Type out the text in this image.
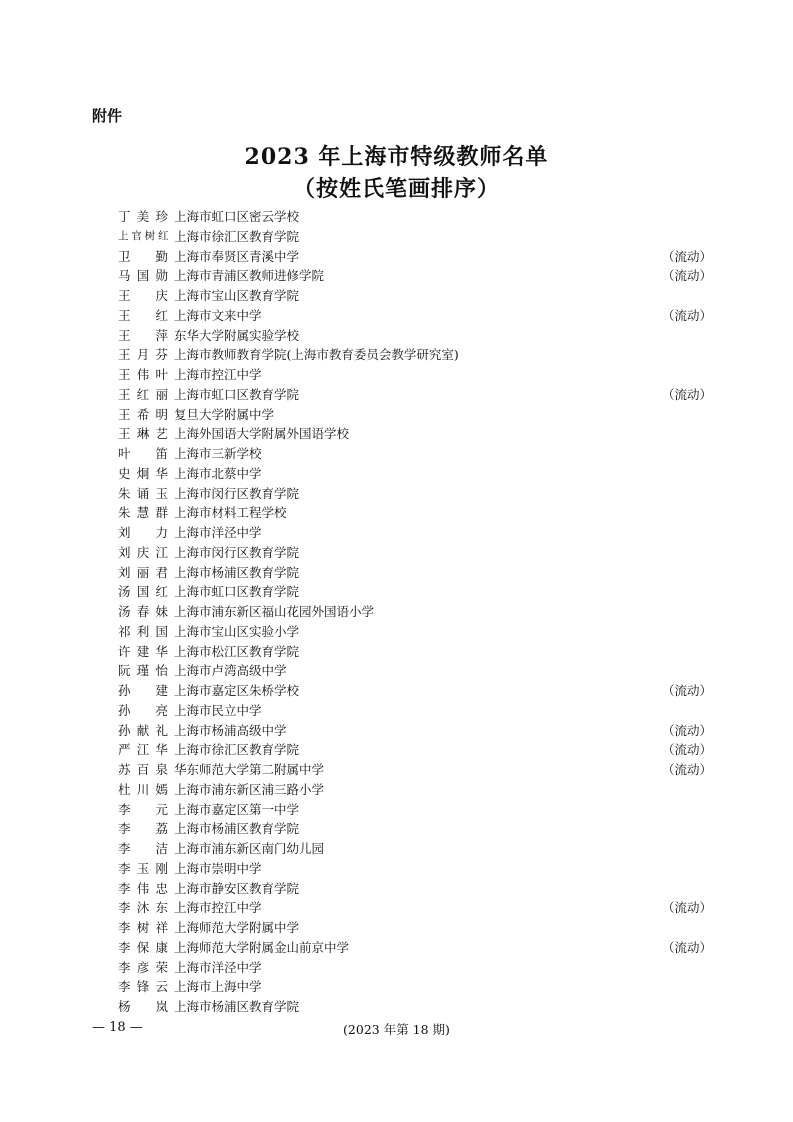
附件
2023 年上海市特级教师名单
（按姓氏笔画排序）
丁美珍 上海市虹口区密云学校
上官树红 上海市徐汇区教育学院
卫　勤 上海市奉贤区青溪中学	（流动）
马国勋 上海市青浦区教师进修学院	（流动）
王　庆 上海市宝山区教育学院
王　红 上海市文来中学	（流动）
王　萍 东华大学附属实验学校
王月芬 上海市教师教育学院(上海市教育委员会教学研究室)
王伟叶 上海市控江中学
王红丽 上海市虹口区教育学院	（流动）
王希明 复旦大学附属中学
王琳艺 上海外国语大学附属外国语学校
叶　笛 上海市三新学校
史炯华 上海市北蔡中学
朱诵玉 上海市闵行区教育学院
朱慧群 上海市材料工程学校
刘　力 上海市洋泾中学
刘庆江 上海市闵行区教育学院
刘丽君 上海市杨浦区教育学院
汤国红 上海市虹口区教育学院
汤春妹 上海市浦东新区福山花园外国语小学
祁利国 上海市宝山区实验小学
许建华 上海市松江区教育学院
阮瑾怡 上海市卢湾高级中学
孙　建 上海市嘉定区朱桥学校	（流动）
孙　亮 上海市民立中学
孙献礼 上海市杨浦高级中学	（流动）
严江华 上海市徐汇区教育学院	（流动）
苏百泉 华东师范大学第二附属中学	（流动）
杜川嫣 上海市浦东新区浦三路小学
李　元 上海市嘉定区第一中学
李　荔 上海市杨浦区教育学院
李　洁 上海市浦东新区南门幼儿园
李玉刚 上海市崇明中学
李伟忠 上海市静安区教育学院
李沐东 上海市控江中学	（流动）
李树祥 上海师范大学附属中学
李保康 上海师范大学附属金山前京中学	（流动）
李彦荣 上海市洋泾中学
李锋云 上海市上海中学
杨　岚 上海市杨浦区教育学院
— 18 —	(2023 年第 18 期)
